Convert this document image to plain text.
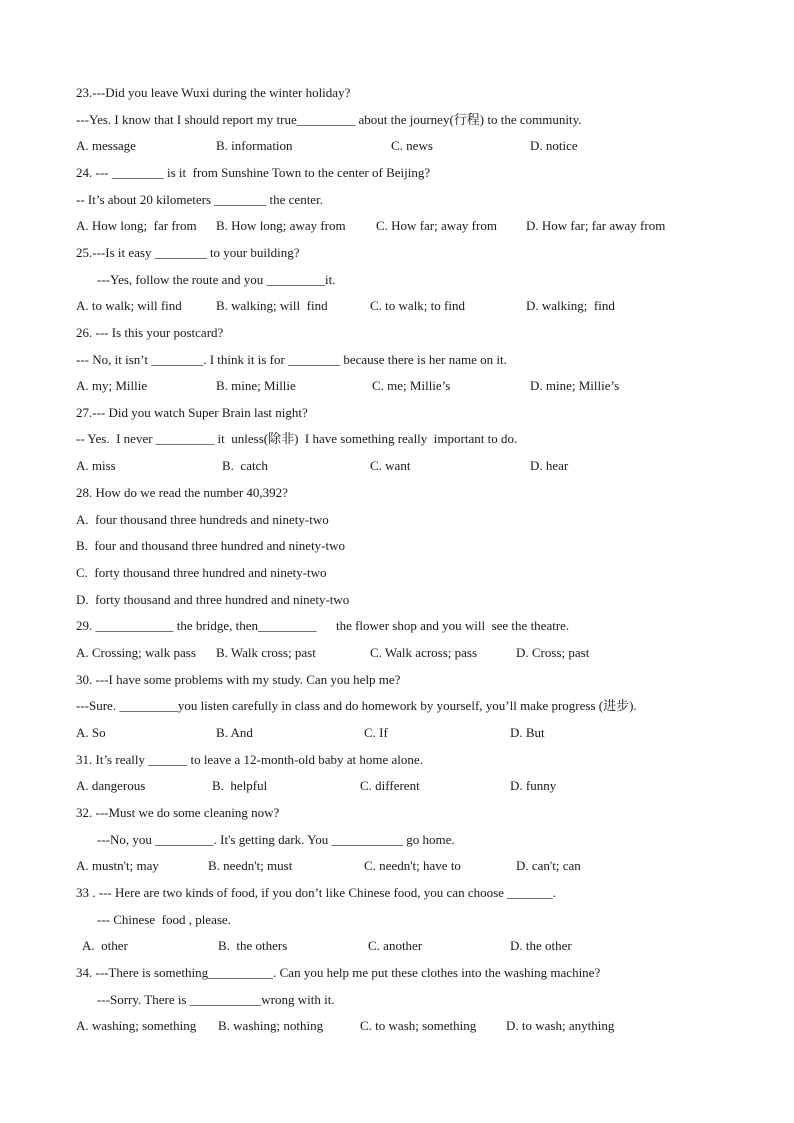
23.---Did you leave Wuxi during the winter holiday?
---Yes. I know that I should report my true_________ about the journey(行程) to the community.
A. message	B. information	C. news	D. notice
24. --- ________ is it  from Sunshine Town to the center of Beijing?
-- It’s about 20 kilometers ________ the center.
A. How long;  far from B. How long; away from C. How far; away from D. How far; far away from
25.---Is it easy ________ to your building?
---Yes, follow the route and you _________it.
A. to walk; will find	B. walking; will  find	C. to walk; to find	D. walking;  find
26. --- Is this your postcard?
--- No, it isn’t ________. I think it is for ________ because there is her name on it.
A. my; Millie	B. mine; Millie	C. me; Millie’s	D. mine; Millie’s
27.--- Did you watch Super Brain last night?
-- Yes.  I never _________ it  unless(除非)  I have something really  important to do.
A. miss	B.  catch	C. want	D. hear
28. How do we read the number 40,392?
A.  four thousand three hundreds and ninety-two
B.  four and thousand three hundred and ninety-two
C.  forty thousand three hundred and ninety-two
D.  forty thousand and three hundred and ninety-two
29. ____________ the bridge, then_________      the flower shop and you will  see the theatre.
A. Crossing; walk pass B. Walk cross; past	C. Walk across; pass	D. Cross; past
30. ---I have some problems with my study. Can you help me?
---Sure. _________you listen carefully in class and do homework by yourself, you’ll make progress (进步).
A. So	B. And	C. If	D. But
31. It’s really ______ to leave a 12-month-old baby at home alone.
A. dangerous	B.  helpful	C. different	D. funny
32. ---Must we do some cleaning now?
---No, you _________. It's getting dark. You ___________ go home.
A. mustn't; may	B. needn't; must	C. needn't; have to	D. can't; can
33 . --- Here are two kinds of food, if you don’t like Chinese food, you can choose _______.
--- Chinese  food , please.
A.  other	B.  the others	C. another	D. the other
34. ---There is something__________. Can you help me put these clothes into the washing machine?
---Sorry. There is ___________wrong with it.
A. washing; something B. washing; nothing	C. to wash; something D. to wash; anything
